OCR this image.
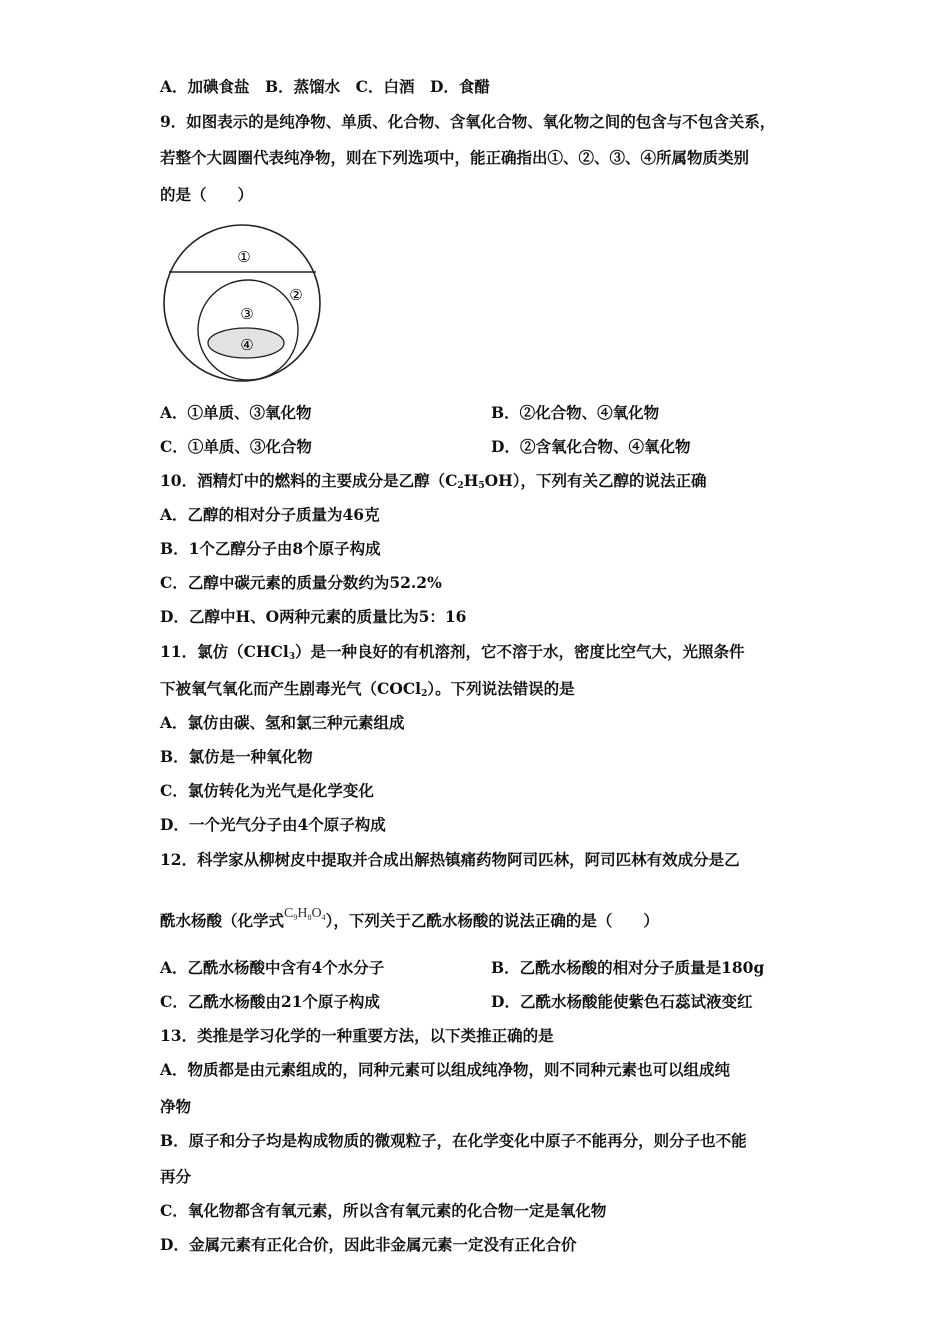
A．加碘食盐　B．蒸馏水　C．白酒　D．食醋
9．如图表示的是纯净物、单质、化合物、含氧化合物、氧化物之间的包含与不包含关系，
若整个大圆圈代表纯净物，则在下列选项中，能正确指出①、②、③、④所属物质类别
的是（　　）
①
②
③
④
A．①单质、③氧化物	B．②化合物、④氧化物
C．①单质、③化合物	D．②含氧化合物、④氧化物
10．酒精灯中的燃料的主要成分是乙醇$(C_2H_5OH)$，下列有关乙醇的说法正确
A．乙醇的相对分子质量为46克
B．1个乙醇分子由8个原子构成
C．乙醇中碳元素的质量分数约为52.2%
D．乙醇中H、O两种元素的质量比为5：16
11．氯仿（CHCl$_3$）是一种良好的有机溶剂，它不溶于水，密度比空气大，光照条件
下被氧气氧化而产生剧毒光气（COCl$_2$）。下列说法错误的是
A．氯仿由碳、氢和氯三种元素组成
B．氯仿是一种氧化物
C．氯仿转化为光气是化学变化
D．一个光气分子由4个原子构成
12．科学家从柳树皮中提取并合成出解热镇痛药物阿司匹林，阿司匹林有效成分是乙
酰水杨酸（化学式$C_9H_8O_4$），下列关于乙酰水杨酸的说法正确的是（　　）
A．乙酰水杨酸中含有4个水分子	B．乙酰水杨酸的相对分子质量是180g
C．乙酰水杨酸由21个原子构成	D．乙酰水杨酸能使紫色石蕊试液变红
13．类推是学习化学的一种重要方法，以下类推正确的是
A．物质都是由元素组成的，同种元素可以组成纯净物，则不同种元素也可以组成纯
净物
B．原子和分子均是构成物质的微观粒子，在化学变化中原子不能再分，则分子也不能
再分
C．氧化物都含有氧元素，所以含有氧元素的化合物一定是氧化物
D．金属元素有正化合价，因此非金属元素一定没有正化合价
